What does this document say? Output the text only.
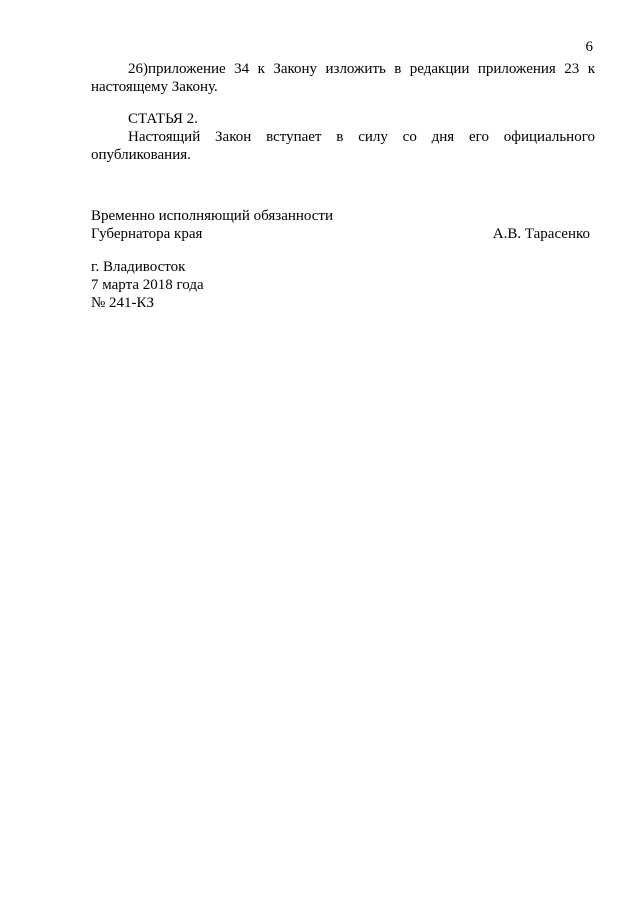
6

26)приложение 34 к Закону изложить в редакции приложения 23 к настоящему Закону.

СТАТЬЯ 2.

Настоящий Закон вступает в силу со дня его официального опубликования.

Временно исполняющий обязанности
Губернатора края	А.В. Тарасенко
г. Владивосток
7 марта 2018 года
№ 241-КЗ
